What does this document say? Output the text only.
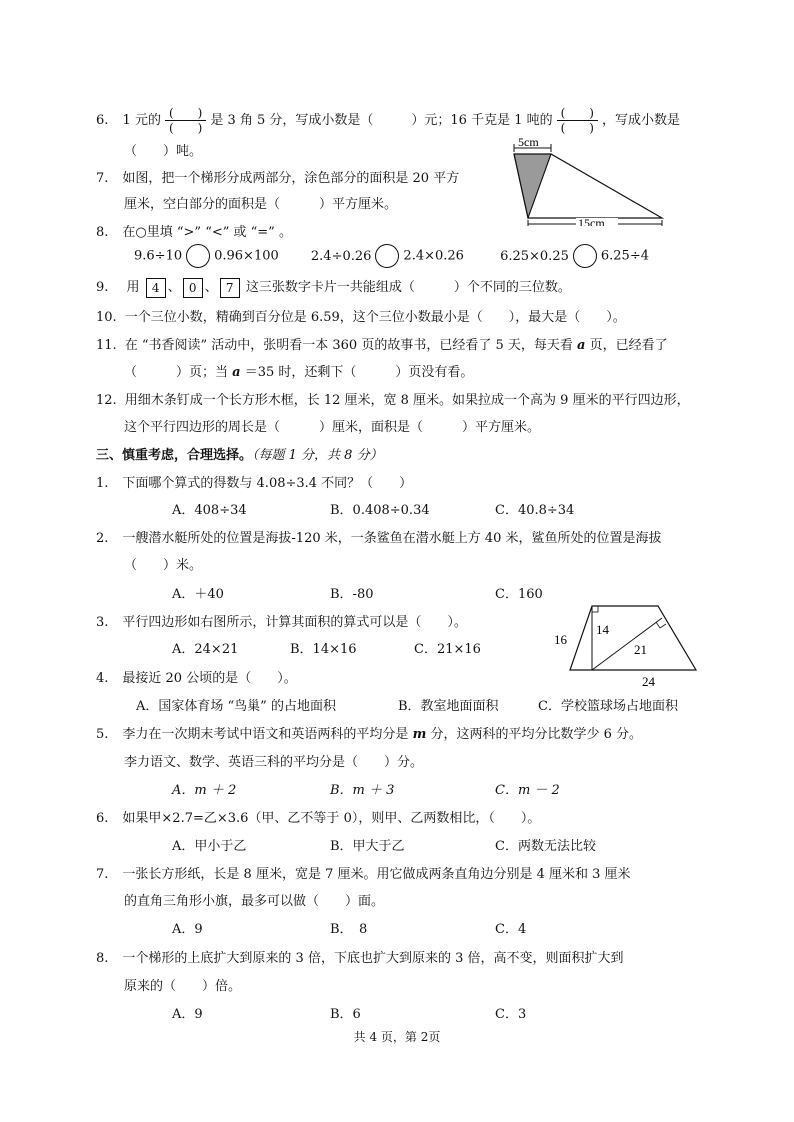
6. 1 元的 $\frac{( )}{( )}$ 是 3 角 5 分，写成小数是（	）元；16 千克是 1 吨的 $\frac{( )}{( )}$ ，写成小数是
（　　）吨。
5cm
15cm
7. 如图，把一个梯形分成两部分，涂色部分的面积是 20 平方
厘米，空白部分的面积是（　　　）平方厘米。
8. 在○里填 “>” “<” 或 “=” 。
9.6÷10 0.96×100 2.4÷0.26 2.4×0.26	6.25×0.25 6.25÷4
9. 用 4 、 0 、 7 这三张数字卡片一共能组成（　　　）个不同的三位数。
10. 一个三位小数，精确到百分位是 6.59，这个三位小数最小是（　　），最大是（　　）。
11. 在 “书香阅读” 活动中，张明看一本 360 页的故事书，已经看了 5 天，每天看 a 页，已经看了
（　　　）页；当 a ＝35 时，还剩下（　　　）页没有看。
12. 用细木条钉成一个长方形木框，长 12 厘米，宽 8 厘米。如果拉成一个高为 9 厘米的平行四边形，
这个平行四边形的周长是（　　　）厘米，面积是（　　　）平方厘米。
三、慎重考虑，合理选择。（每题 1 分，共 8 分）
1. 下面哪个算式的得数与 4.08÷3.4 不同？（　　）
A．408÷34	B．0.408÷0.34	C．40.8÷34
2. 一艘潜水艇所处的位置是海拔-120 米，一条鲨鱼在潜水艇上方 40 米，鲨鱼所处的位置是海拔
（　　）米。
A．＋40	B．-80	C．160
3. 平行四边形如右图所示，计算其面积的算式可以是（　　）。
A．24×21	B．14×16	C．21×16
16
14
21
24
4. 最接近 20 公顷的是（　　）。
A．国家体育场 “鸟巢” 的占地面积	B．教室地面面积	C．学校篮球场占地面积
5. 李力在一次期末考试中语文和英语两科的平均分是 m 分，这两科的平均分比数学少 6 分。
李力语文、数学、英语三科的平均分是（　　）分。
A．m ＋ 2	B．m ＋ 3	C．m － 2
6. 如果甲×2.7=乙×3.6（甲、乙不等于 0），则甲、乙两数相比，（　　）。
A．甲小于乙	B．甲大于乙	C．两数无法比较
7. 一张长方形纸，长是 8 厘米，宽是 7 厘米。用它做成两条直角边分别是 4 厘米和 3 厘米
的直角三角形小旗，最多可以做（　　）面。
A．9	B．　8	C．4
8. 一个梯形的上底扩大到原来的 3 倍，下底也扩大到原来的 3 倍，高不变，则面积扩大到
原来的（　　）倍。
A．9	B．6	C．3
共 4 页，第 2页
